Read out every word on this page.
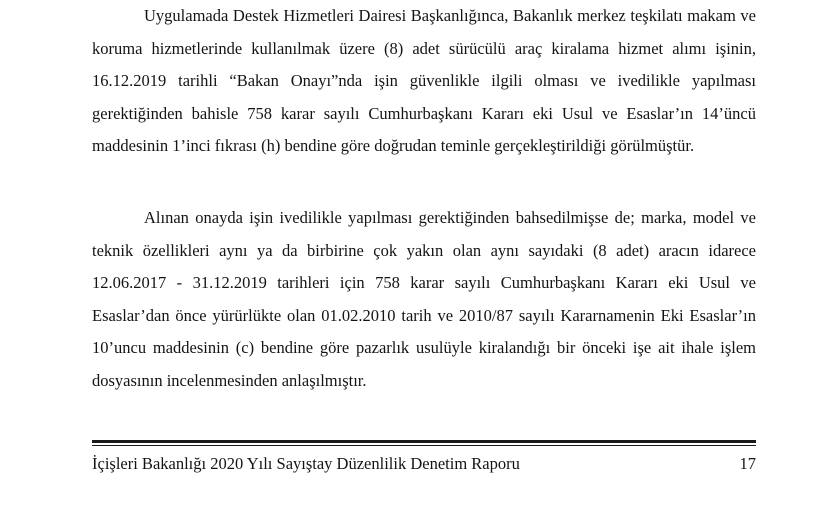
Uygulamada Destek Hizmetleri Dairesi Başkanlığınca, Bakanlık merkez teşkilatı makam ve koruma hizmetlerinde kullanılmak üzere (8) adet sürücülü araç kiralama hizmet alımı işinin, 16.12.2019 tarihli “Bakan Onayı”nda işin güvenlikle ilgili olması ve ivedilikle yapılması gerektiğinden bahisle 758 karar sayılı Cumhurbaşkanı Kararı eki Usul ve Esaslar’ın 14’üncü maddesinin 1’inci fıkrası (h) bendine göre doğrudan teminle gerçekleştirildiği görülmüştür.

Alınan onayda işin ivedilikle yapılması gerektiğinden bahsedilmişse de; marka, model ve teknik özellikleri aynı ya da birbirine çok yakın olan aynı sayıdaki (8 adet) aracın idarece 12.06.2017 - 31.12.2019 tarihleri için 758 karar sayılı Cumhurbaşkanı Kararı eki Usul ve Esaslar’dan önce yürürlükte olan 01.02.2010 tarih ve 2010/87 sayılı Kararnamenin Eki Esaslar’ın 10’uncu maddesinin (c) bendine göre pazarlık usulüyle kiralandığı bir önceki işe ait ihale işlem dosyasının incelenmesinden anlaşılmıştır.

İçişleri Bakanlığı 2020 Yılı Sayıştay Düzenlilik Denetim Raporu	17
